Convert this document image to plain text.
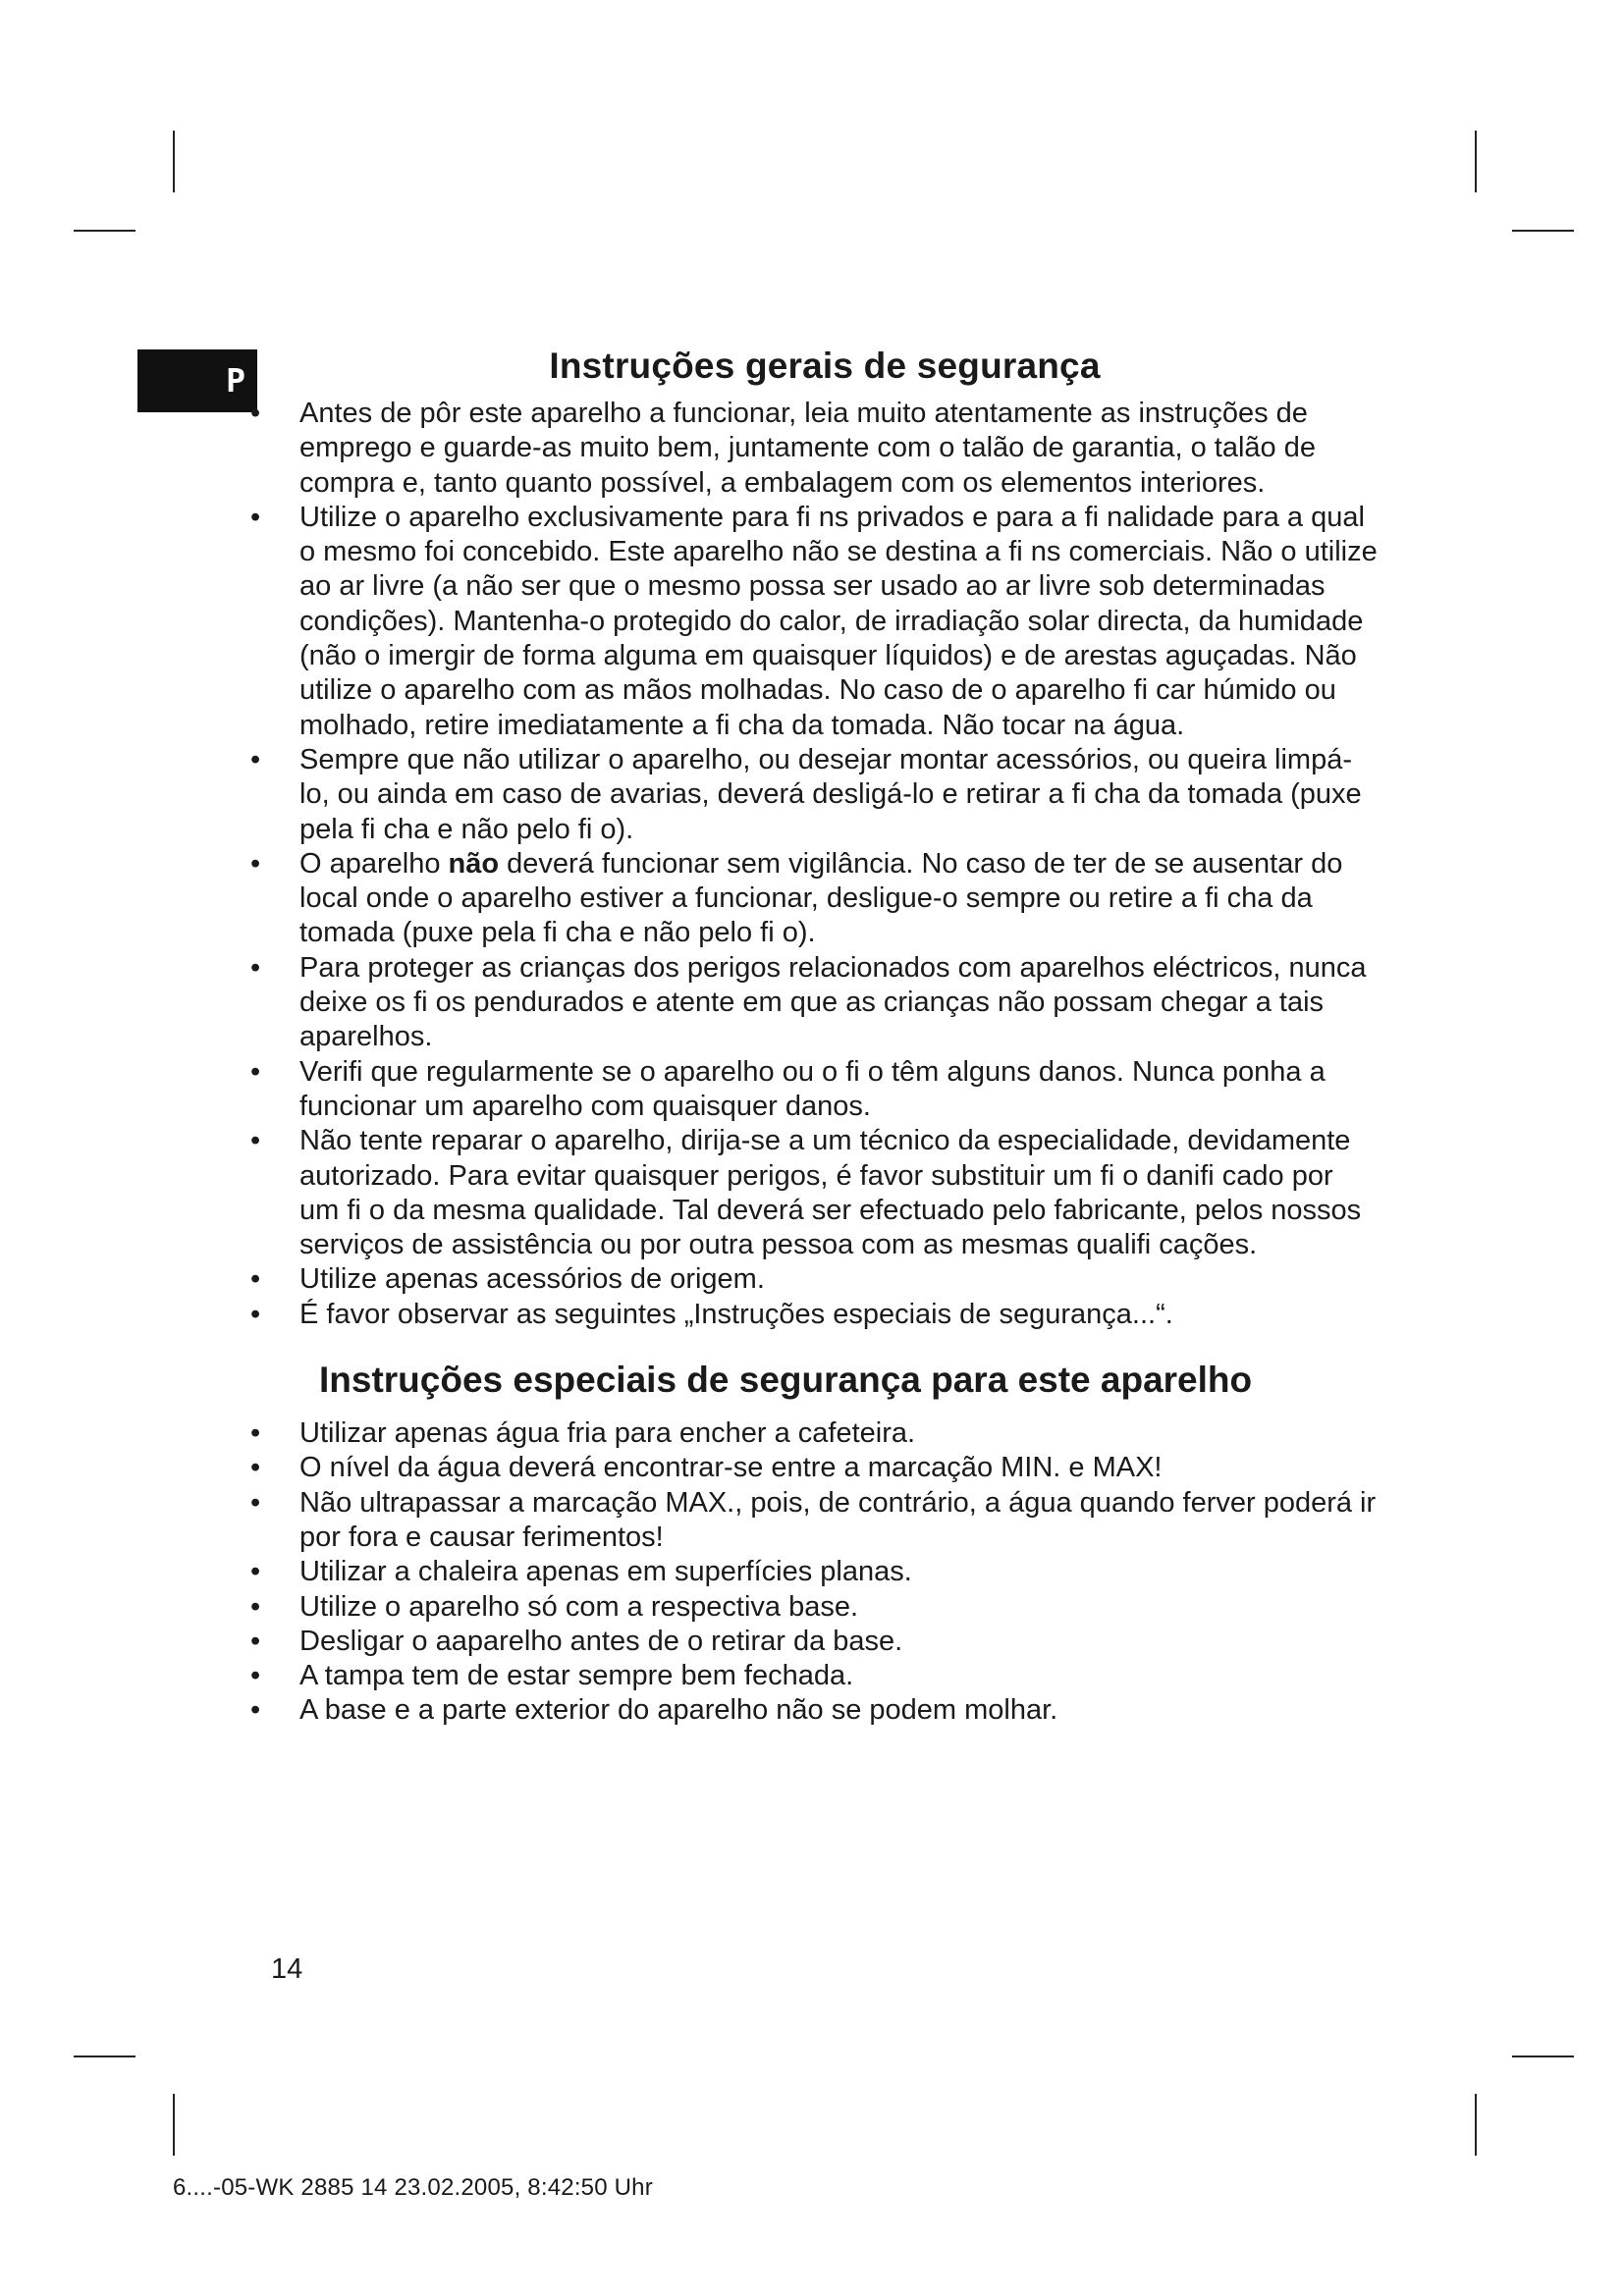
P	Instruções gerais de segurança
• Antes de pôr este aparelho a funcionar, leia muito atentamente as instruções de emprego e guarde-as muito bem, juntamente com o talão de garantia, o talão de compra e, tanto quanto possível, a embalagem com os elementos interiores.
• Utilize o aparelho exclusivamente para fi ns privados e para a fi nalidade para a qual o mesmo foi concebido. Este aparelho não se destina a fi ns comerciais. Não o utilize ao ar livre (a não ser que o mesmo possa ser usado ao ar livre sob determinadas condições). Mantenha-o protegido do calor, de irradiação solar directa, da humidade (não o imergir de forma alguma em quaisquer líquidos) e de arestas aguçadas. Não utilize o aparelho com as mãos molhadas. No caso de o aparelho fi car húmido ou molhado, retire imediatamente a fi cha da tomada. Não tocar na água.
• Sempre que não utilizar o aparelho, ou desejar montar acessórios, ou queira limpá-lo, ou ainda em caso de avarias, deverá desligá-lo e retirar a fi cha da tomada (puxe pela fi cha e não pelo fi o).
• O aparelho não deverá funcionar sem vigilância. No caso de ter de se ausentar do local onde o aparelho estiver a funcionar, desligue-o sempre ou retire a fi cha da tomada (puxe pela fi cha e não pelo fi o).
• Para proteger as crianças dos perigos relacionados com aparelhos eléctricos, nunca deixe os fi os pendurados e atente em que as crianças não possam chegar a tais aparelhos.
• Verifi que regularmente se o aparelho ou o fi o têm alguns danos. Nunca ponha a funcionar um aparelho com quaisquer danos.
• Não tente reparar o aparelho, dirija-se a um técnico da especialidade, devidamente autorizado. Para evitar quaisquer perigos, é favor substituir um fi o danifi cado por um fi o da mesma qualidade. Tal deverá ser efectuado pelo fabricante, pelos nossos serviços de assistência ou por outra pessoa com as mesmas qualifi cações.
• Utilize apenas acessórios de origem.
• É favor observar as seguintes „Instruções especiais de segurança...“.
Instruções especiais de segurança para este aparelho
• Utilizar apenas água fria para encher a cafeteira.
• O nível da água deverá encontrar-se entre a marcação MIN. e MAX!
• Não ultrapassar a marcação MAX., pois, de contrário, a água quando ferver poderá ir por fora e causar ferimentos!
• Utilizar a chaleira apenas em superfícies planas.
• Utilize o aparelho só com a respectiva base.
• Desligar o aaparelho antes de o retirar da base.
• A tampa tem de estar sempre bem fechada.
• A base e a parte exterior do aparelho não se podem molhar.
14
6....-05-WK 2885 14 23.02.2005, 8:42:50 Uhr
